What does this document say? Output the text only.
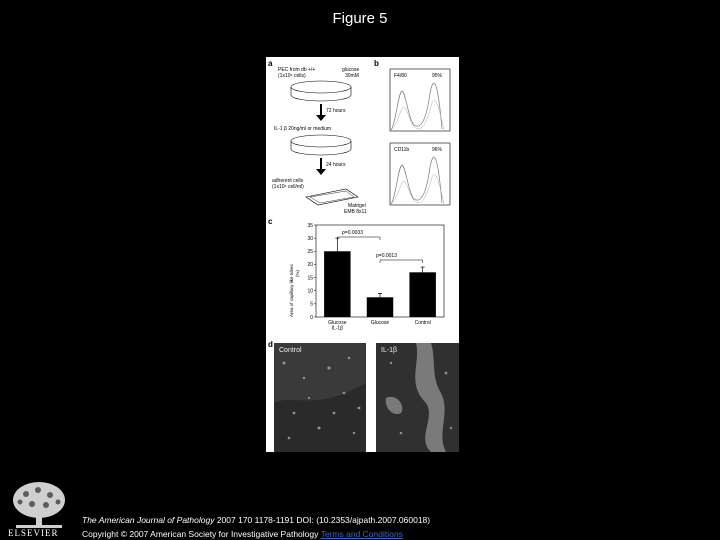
Figure 5
a
PEC from db +/+
(1x10⁶ cells)
glucose
30mM
72 hours
IL-1 β 20ng/ml or medium
24 hours
adherent cells
(1x10⁶ cell/ml)
Matrigel
EMB 8x11
b
F4/80	95%
CD11b	96%
c
Area of capillary-like tubes (%)
0
5
10
15
20
25
30
35
Glucose
IL-1β
Glucose	Control
p=0.0033
p=0.0013
d
Control	IL-1β
ELSEVIER
The American Journal of Pathology 2007 170 1178-1191 DOI: (10.2353/ajpath.2007.060018)
Copyright © 2007 American Society for Investigative Pathology Terms and Conditions
